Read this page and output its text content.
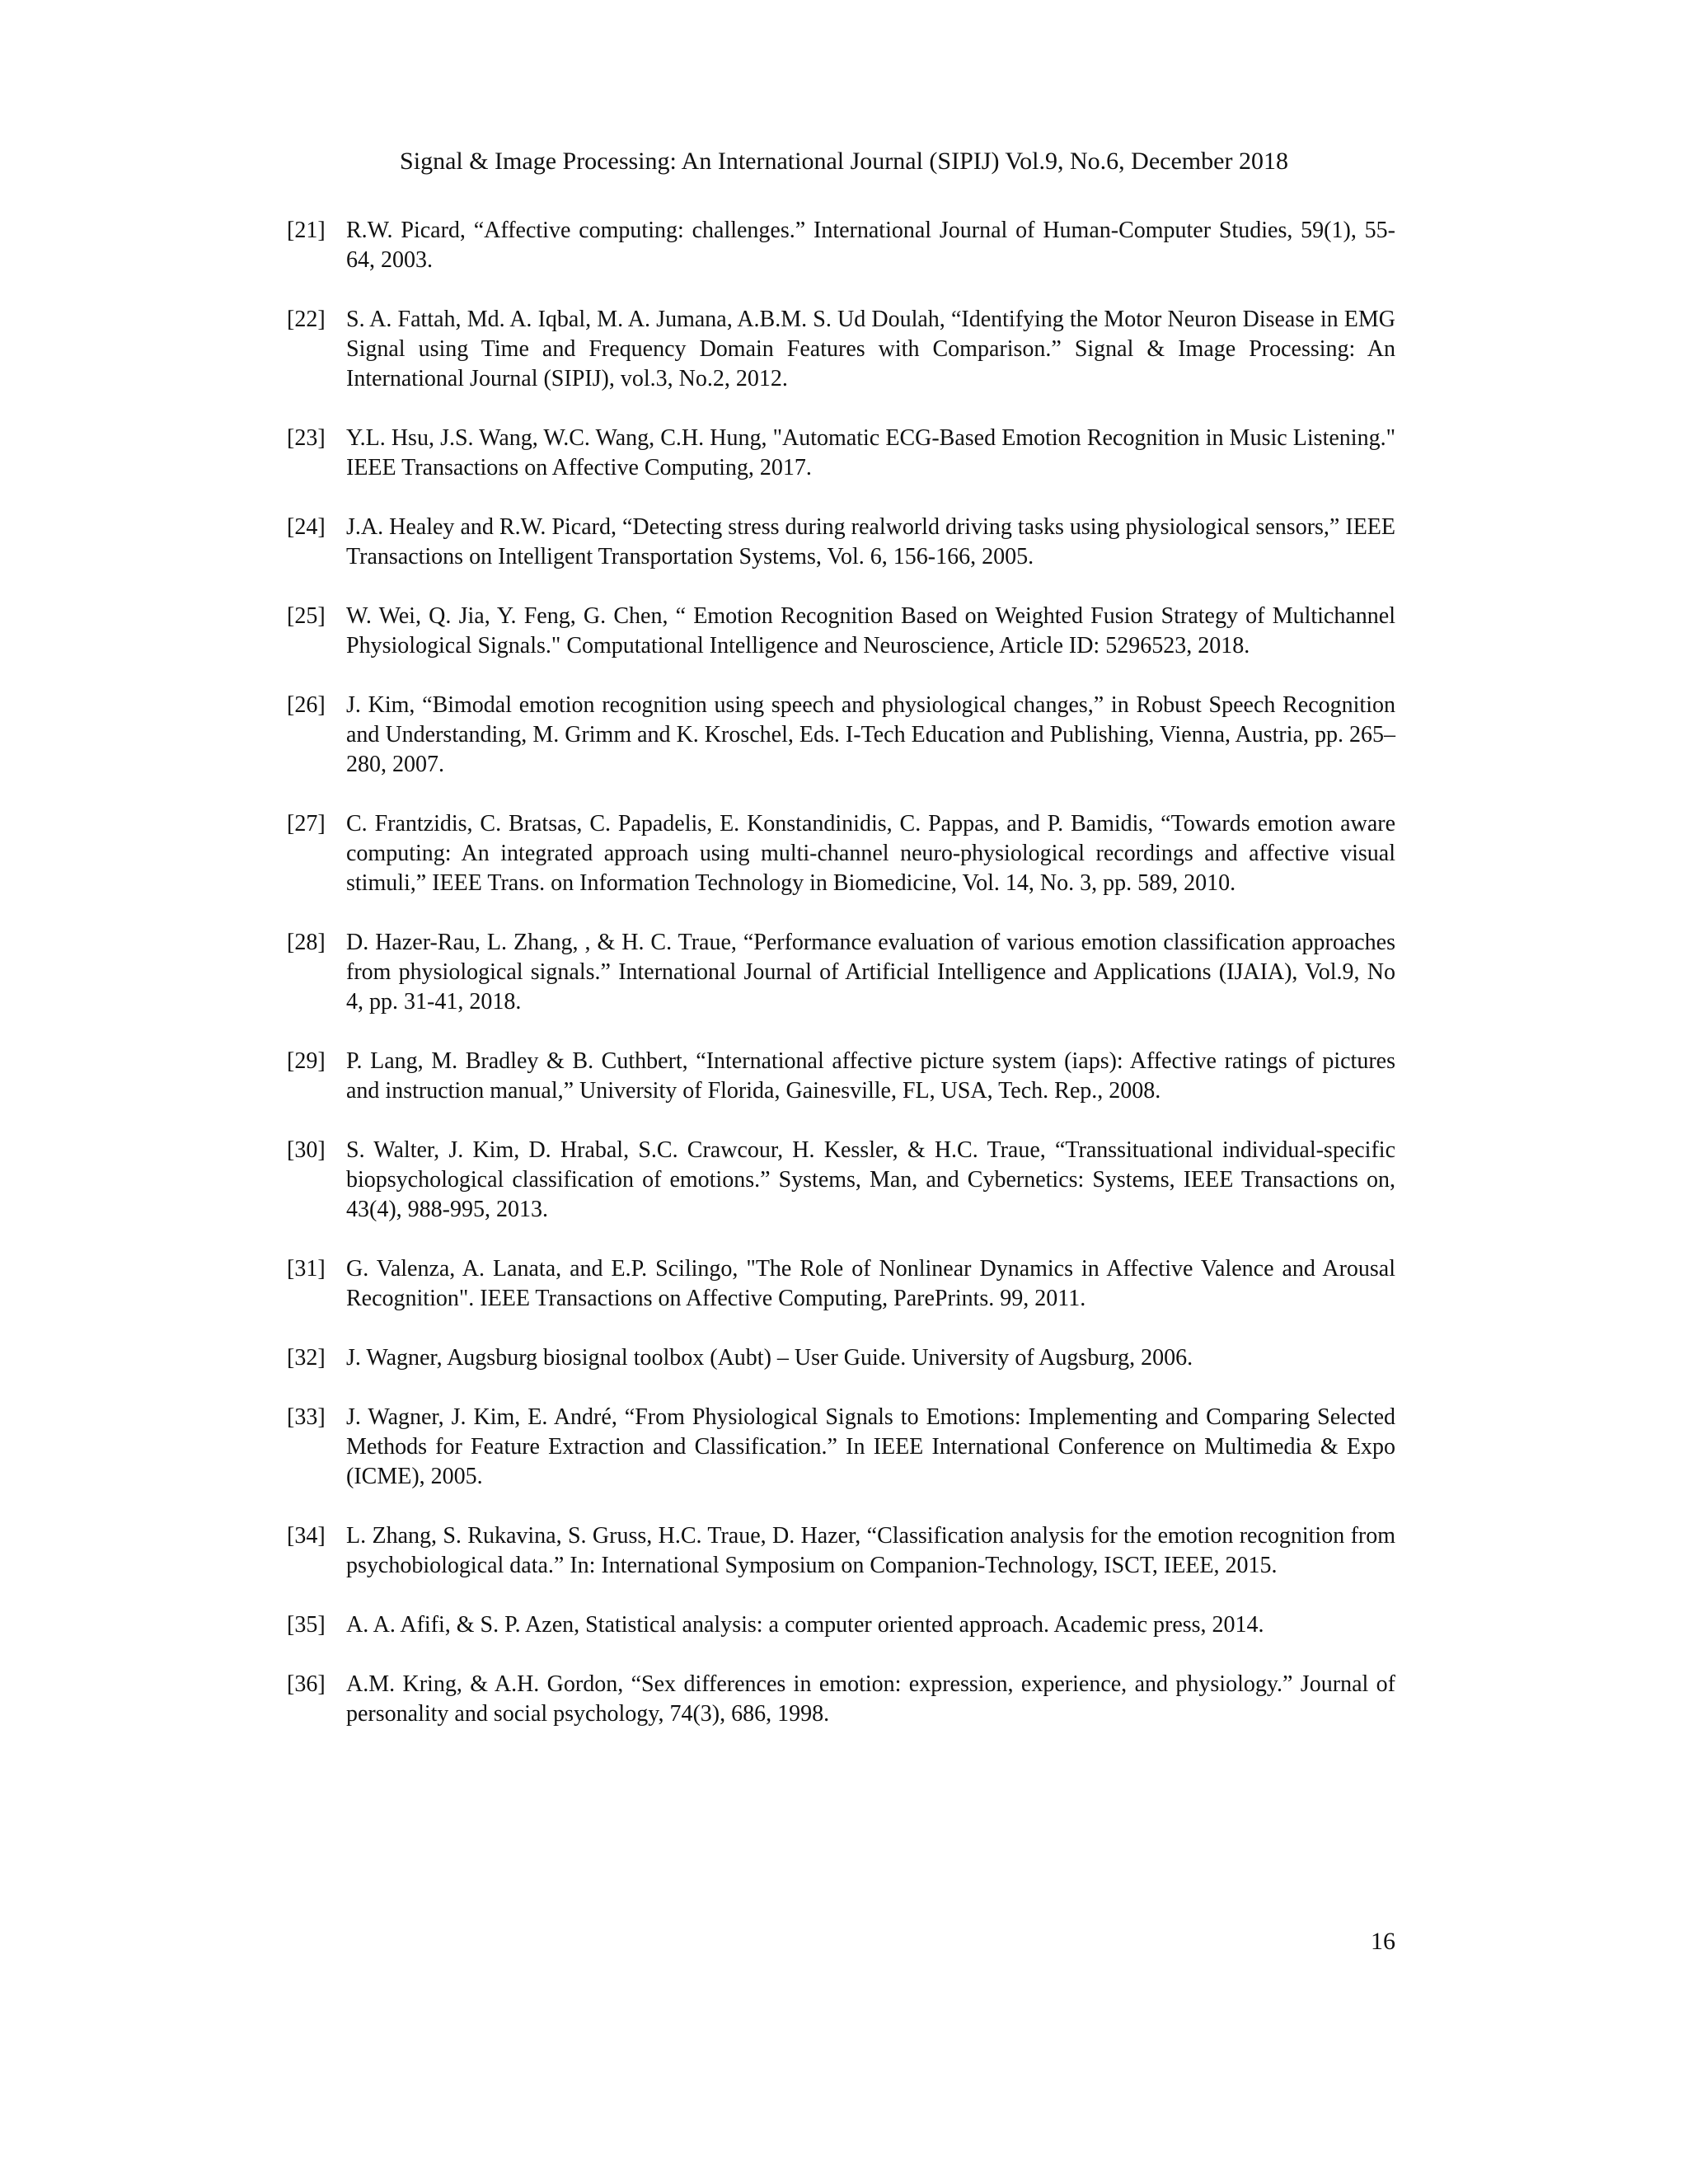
Signal & Image Processing: An International Journal (SIPIJ) Vol.9, No.6, December 2018
[21] R.W. Picard, “Affective computing: challenges.” International Journal of Human-Computer Studies, 59(1), 55-64, 2003.
[22] S. A. Fattah, Md. A. Iqbal, M. A. Jumana, A.B.M. S. Ud Doulah, “Identifying the Motor Neuron Disease in EMG Signal using Time and Frequency Domain Features with Comparison.” Signal & Image Processing: An International Journal (SIPIJ), vol.3, No.2, 2012.
[23] Y.L. Hsu, J.S. Wang, W.C. Wang, C.H. Hung, "Automatic ECG-Based Emotion Recognition in Music Listening." IEEE Transactions on Affective Computing, 2017.
[24] J.A. Healey and R.W. Picard, “Detecting stress during realworld driving tasks using physiological sensors,” IEEE Transactions on Intelligent Transportation Systems, Vol. 6, 156-166, 2005.
[25] W. Wei, Q. Jia, Y. Feng, G. Chen, “ Emotion Recognition Based on Weighted Fusion Strategy of Multichannel Physiological Signals." Computational Intelligence and Neuroscience, Article ID: 5296523, 2018.
[26] J. Kim, “Bimodal emotion recognition using speech and physiological changes,” in Robust Speech Recognition and Understanding, M. Grimm and K. Kroschel, Eds. I-Tech Education and Publishing, Vienna, Austria, pp. 265–280, 2007.
[27] C. Frantzidis, C. Bratsas, C. Papadelis, E. Konstandinidis, C. Pappas, and P. Bamidis, “Towards emotion aware computing: An integrated approach using multi-channel neuro-physiological recordings and affective visual stimuli,” IEEE Trans. on Information Technology in Biomedicine, Vol. 14, No. 3, pp. 589, 2010.
[28] D. Hazer-Rau, L. Zhang, , & H. C. Traue, “Performance evaluation of various emotion classification approaches from physiological signals.” International Journal of Artificial Intelligence and Applications (IJAIA), Vol.9, No 4, pp. 31-41, 2018.
[29] P. Lang, M. Bradley & B. Cuthbert, “International affective picture system (iaps): Affective ratings of pictures and instruction manual,” University of Florida, Gainesville, FL, USA, Tech. Rep., 2008.
[30] S. Walter, J. Kim, D. Hrabal, S.C. Crawcour, H. Kessler, & H.C. Traue, “Transsituational individual-specific biopsychological classification of emotions.” Systems, Man, and Cybernetics: Systems, IEEE Transactions on, 43(4), 988-995, 2013.
[31] G. Valenza, A. Lanata, and E.P. Scilingo, "The Role of Nonlinear Dynamics in Affective Valence and Arousal Recognition". IEEE Transactions on Affective Computing, ParePrints. 99, 2011.
[32] J. Wagner, Augsburg biosignal toolbox (Aubt) – User Guide. University of Augsburg, 2006.
[33] J. Wagner, J. Kim, E. André, “From Physiological Signals to Emotions: Implementing and Comparing Selected Methods for Feature Extraction and Classification.” In IEEE International Conference on Multimedia & Expo (ICME), 2005.
[34] L. Zhang, S. Rukavina, S. Gruss, H.C. Traue, D. Hazer, “Classification analysis for the emotion recognition from psychobiological data.” In: International Symposium on Companion-Technology, ISCT, IEEE, 2015.
[35] A. A. Afifi, & S. P. Azen, Statistical analysis: a computer oriented approach. Academic press, 2014.
[36] A.M. Kring, & A.H. Gordon, “Sex differences in emotion: expression, experience, and physiology.” Journal of personality and social psychology, 74(3), 686, 1998.
16
